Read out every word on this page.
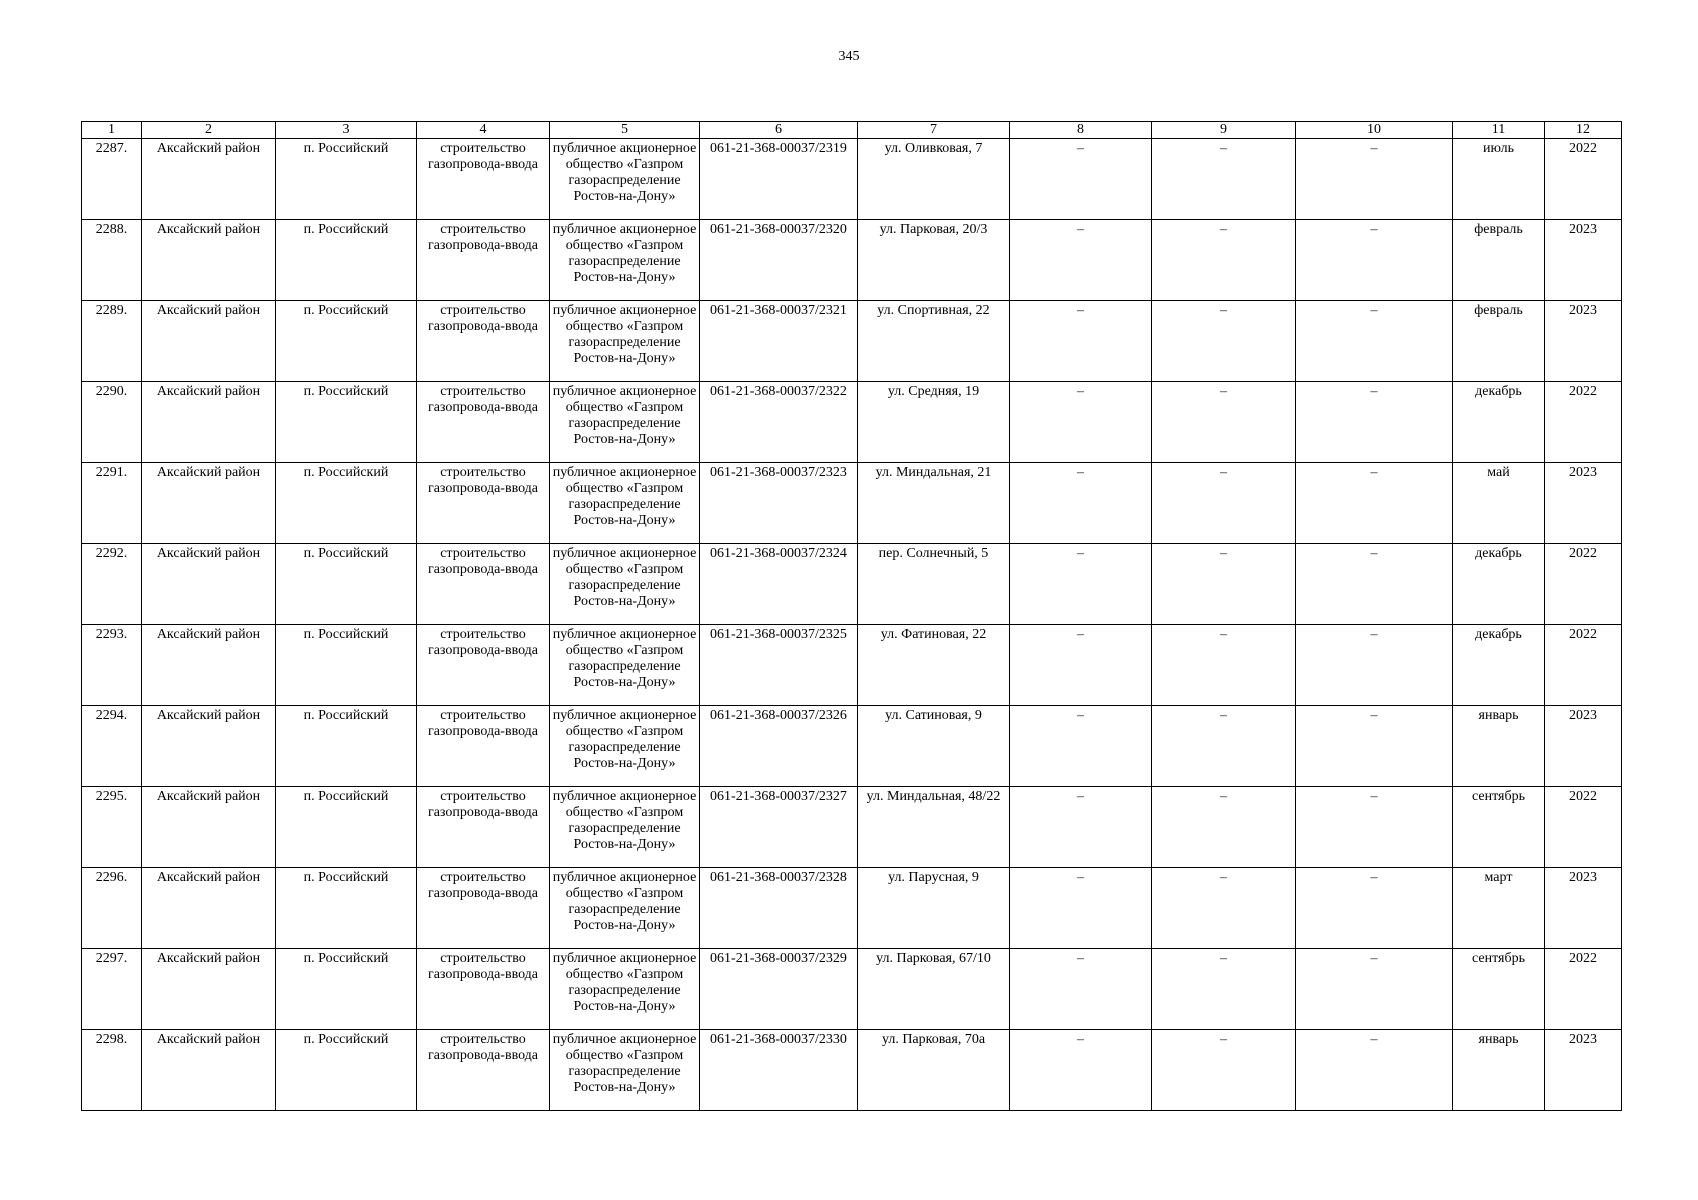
345
1	2	3	4	5	6	7	8	9	10	11	12
2287.	Аксайский район	п. Российский	строительство газопровода-ввода	публичное акционерное общество «Газпром газораспределение Ростов-на-Дону»	061-21-368-00037/2319	ул. Оливковая, 7	–	–	–	июль	2022
2288.	Аксайский район	п. Российский	строительство газопровода-ввода	публичное акционерное общество «Газпром газораспределение Ростов-на-Дону»	061-21-368-00037/2320	ул. Парковая, 20/3	–	–	–	февраль	2023
2289.	Аксайский район	п. Российский	строительство газопровода-ввода	публичное акционерное общество «Газпром газораспределение Ростов-на-Дону»	061-21-368-00037/2321	ул. Спортивная, 22	–	–	–	февраль	2023
2290.	Аксайский район	п. Российский	строительство газопровода-ввода	публичное акционерное общество «Газпром газораспределение Ростов-на-Дону»	061-21-368-00037/2322	ул. Средняя, 19	–	–	–	декабрь	2022
2291.	Аксайский район	п. Российский	строительство газопровода-ввода	публичное акционерное общество «Газпром газораспределение Ростов-на-Дону»	061-21-368-00037/2323	ул. Миндальная, 21	–	–	–	май	2023
2292.	Аксайский район	п. Российский	строительство газопровода-ввода	публичное акционерное общество «Газпром газораспределение Ростов-на-Дону»	061-21-368-00037/2324	пер. Солнечный, 5	–	–	–	декабрь	2022
2293.	Аксайский район	п. Российский	строительство газопровода-ввода	публичное акционерное общество «Газпром газораспределение Ростов-на-Дону»	061-21-368-00037/2325	ул. Фатиновая, 22	–	–	–	декабрь	2022
2294.	Аксайский район	п. Российский	строительство газопровода-ввода	публичное акционерное общество «Газпром газораспределение Ростов-на-Дону»	061-21-368-00037/2326	ул. Сатиновая, 9	–	–	–	январь	2023
2295.	Аксайский район	п. Российский	строительство газопровода-ввода	публичное акционерное общество «Газпром газораспределение Ростов-на-Дону»	061-21-368-00037/2327	ул. Миндальная, 48/22	–	–	–	сентябрь	2022
2296.	Аксайский район	п. Российский	строительство газопровода-ввода	публичное акционерное общество «Газпром газораспределение Ростов-на-Дону»	061-21-368-00037/2328	ул. Парусная, 9	–	–	–	март	2023
2297.	Аксайский район	п. Российский	строительство газопровода-ввода	публичное акционерное общество «Газпром газораспределение Ростов-на-Дону»	061-21-368-00037/2329	ул. Парковая, 67/10	–	–	–	сентябрь	2022
2298.	Аксайский район	п. Российский	строительство газопровода-ввода	публичное акционерное общество «Газпром газораспределение Ростов-на-Дону»	061-21-368-00037/2330	ул. Парковая, 70а	–	–	–	январь	2023
